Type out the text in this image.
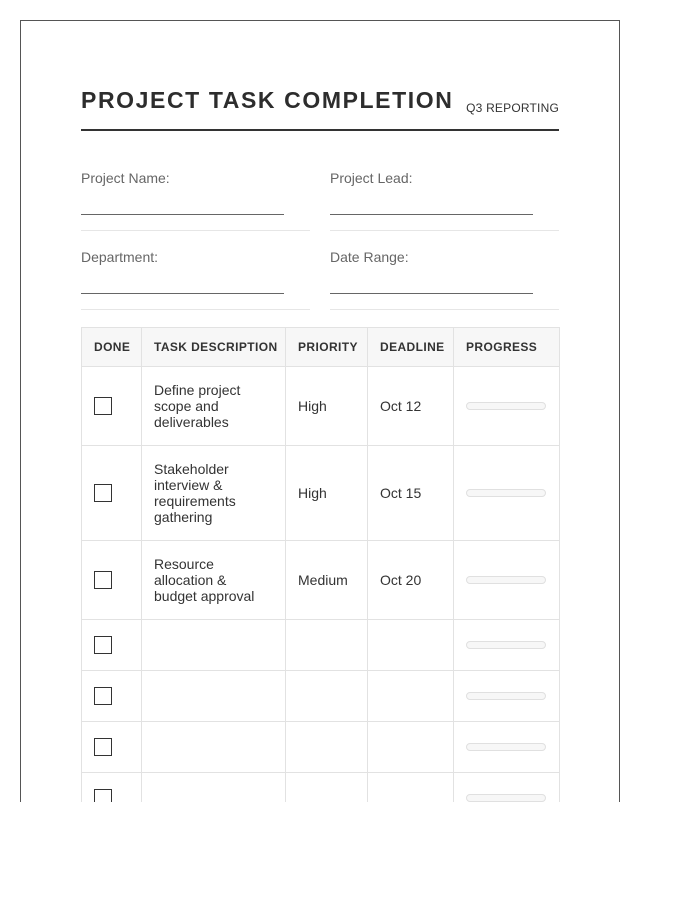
PROJECT TASK COMPLETION Q3 REPORTING
Project Name:	Project Lead:
Department:	Date Range:
DONE	TASK DESCRIPTION	PRIORITY	DEADLINE	PROGRESS

	Define project scope and deliverables	High	Oct 12	

	Stakeholder interview & requirements gathering	High	Oct 15	

	Resource allocation & budget approval	Medium	Oct 20	
